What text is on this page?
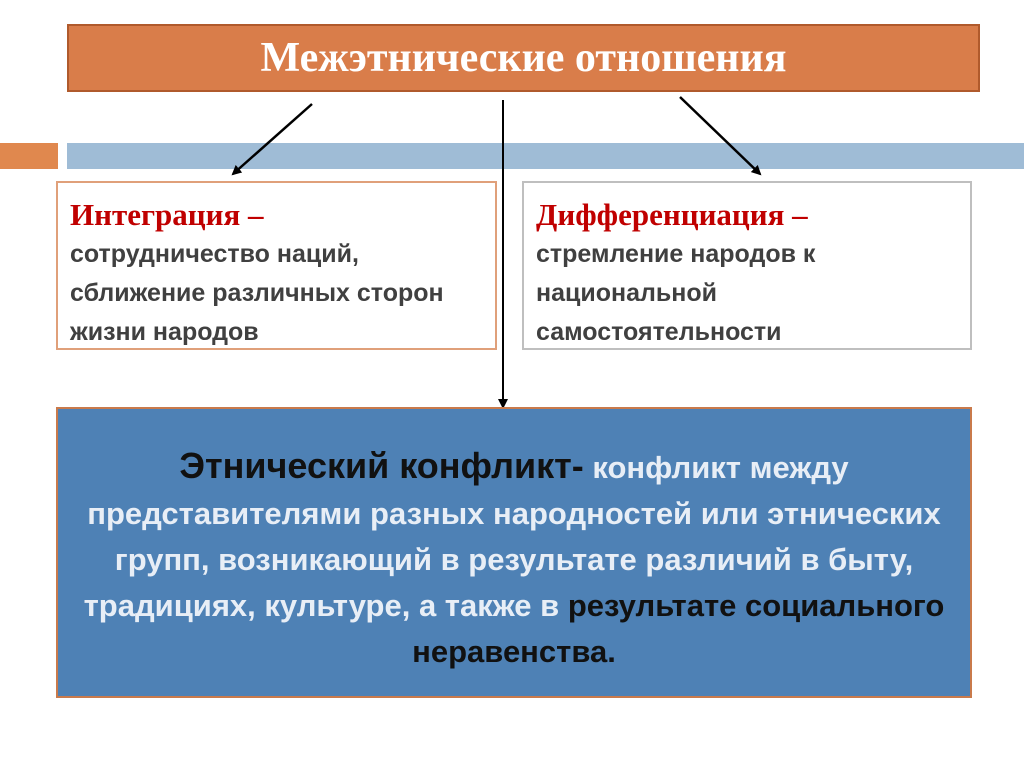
Межэтнические отношения
Интеграция –
сотрудничество наций, сближение различных сторон жизни народов
Дифференциация –
стремление народов к национальной самостоятельности
Этнический конфликт- конфликт между представителями разных народностей или этнических групп, возникающий в результате различий в быту, традициях, культуре, а также в результате социального неравенства.
